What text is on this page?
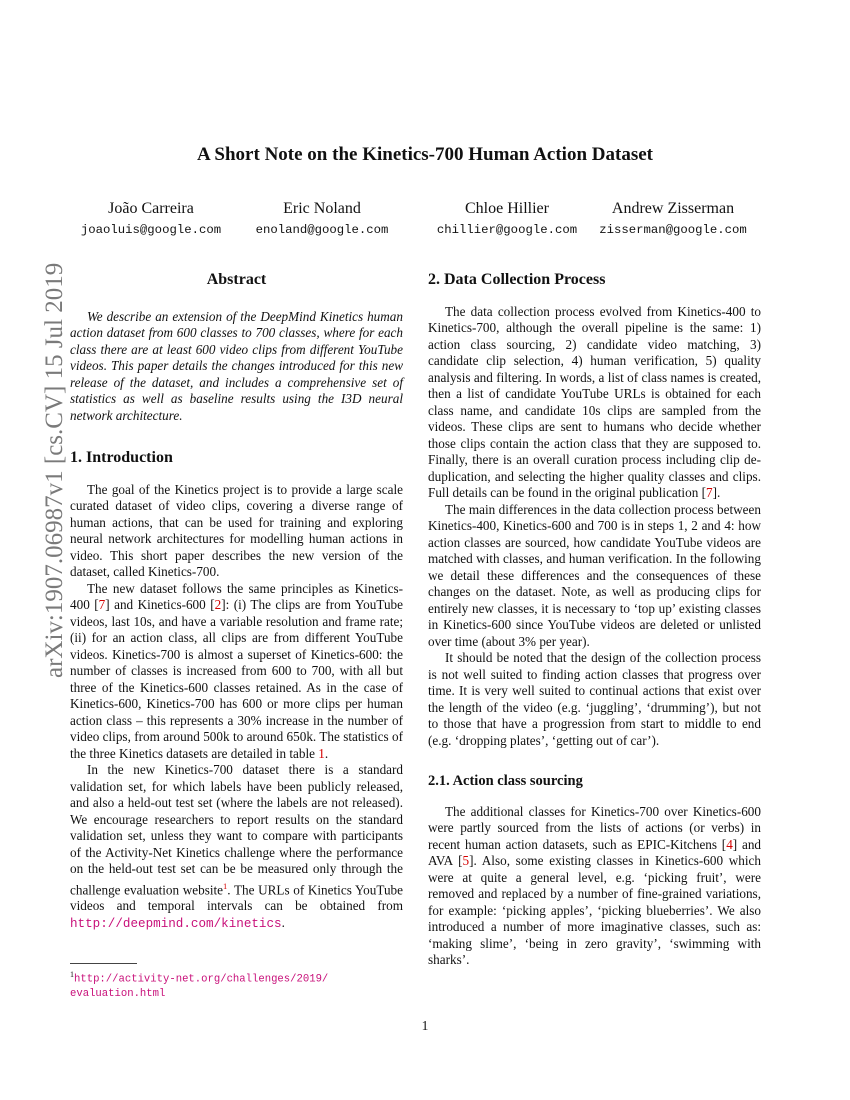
A Short Note on the Kinetics-700 Human Action Dataset
João Carreira
joaoluis@google.com
Eric Noland
enoland@google.com
Chloe Hillier
chillier@google.com
Andrew Zisserman
zisserman@google.com
arXiv:1907.06987v1 [cs.CV] 15 Jul 2019	Abstract

We describe an extension of the DeepMind Kinetics human action dataset from 600 classes to 700 classes, where for each class there are at least 600 video clips from different YouTube videos. This paper details the changes introduced for this new release of the dataset, and includes a comprehensive set of statistics as well as baseline results using the I3D neural network architecture.

1. Introduction

The goal of the Kinetics project is to provide a large scale curated dataset of video clips, covering a diverse range of human actions, that can be used for training and exploring neural network architectures for modelling human actions in video. This short paper describes the new version of the dataset, called Kinetics-700.

The new dataset follows the same principles as Kinetics-400 [7] and Kinetics-600 [2]: (i) The clips are from YouTube videos, last 10s, and have a variable resolution and frame rate; (ii) for an action class, all clips are from different YouTube videos. Kinetics-700 is almost a superset of Kinetics-600: the number of classes is increased from 600 to 700, with all but three of the Kinetics-600 classes retained. As in the case of Kinetics-600, Kinetics-700 has 600 or more clips per human action class – this represents a 30% increase in the number of video clips, from around 500k to around 650k. The statistics of the three Kinetics datasets are detailed in table 1.

In the new Kinetics-700 dataset there is a standard validation set, for which labels have been publicly released, and also a held-out test set (where the labels are not released). We encourage researchers to report results on the standard validation set, unless they want to compare with participants of the Activity-Net Kinetics challenge where the performance on the held-out test set can be be measured only through the challenge evaluation website$^1$. The URLs of Kinetics YouTube videos and temporal intervals can be obtained from http://deepmind.com/kinetics.

$^1$http://activity-net.org/challenges/2019/
evaluation.html
2. Data Collection Process

The data collection process evolved from Kinetics-400 to Kinetics-700, although the overall pipeline is the same: 1) action class sourcing, 2) candidate video matching, 3) candidate clip selection, 4) human verification, 5) quality analysis and filtering. In words, a list of class names is created, then a list of candidate YouTube URLs is obtained for each class name, and candidate 10s clips are sampled from the videos. These clips are sent to humans who decide whether those clips contain the action class that they are supposed to. Finally, there is an overall curation process including clip de-duplication, and selecting the higher quality classes and clips. Full details can be found in the original publication [7].

The main differences in the data collection process between Kinetics-400, Kinetics-600 and 700 is in steps 1, 2 and 4: how action classes are sourced, how candidate YouTube videos are matched with classes, and human verification. In the following we detail these differences and the consequences of these changes on the dataset. Note, as well as producing clips for entirely new classes, it is necessary to ‘top up’ existing classes in Kinetics-600 since YouTube videos are deleted or unlisted over time (about 3% per year).

It should be noted that the design of the collection process is not well suited to finding action classes that progress over time. It is very well suited to continual actions that exist over the length of the video (e.g. ‘juggling’, ‘drumming’), but not to those that have a progression from start to middle to end (e.g. ‘dropping plates’, ‘getting out of car’).

2.1. Action class sourcing

The additional classes for Kinetics-700 over Kinetics-600 were partly sourced from the lists of actions (or verbs) in recent human action datasets, such as EPIC-Kitchens [4] and AVA [5]. Also, some existing classes in Kinetics-600 which were at quite a general level, e.g. ‘picking fruit’, were removed and replaced by a number of fine-grained variations, for example: ‘picking apples’, ‘picking blueberries’. We also introduced a number of more imaginative classes, such as: ‘making slime’, ‘being in zero gravity’, ‘swimming with sharks’.

1
